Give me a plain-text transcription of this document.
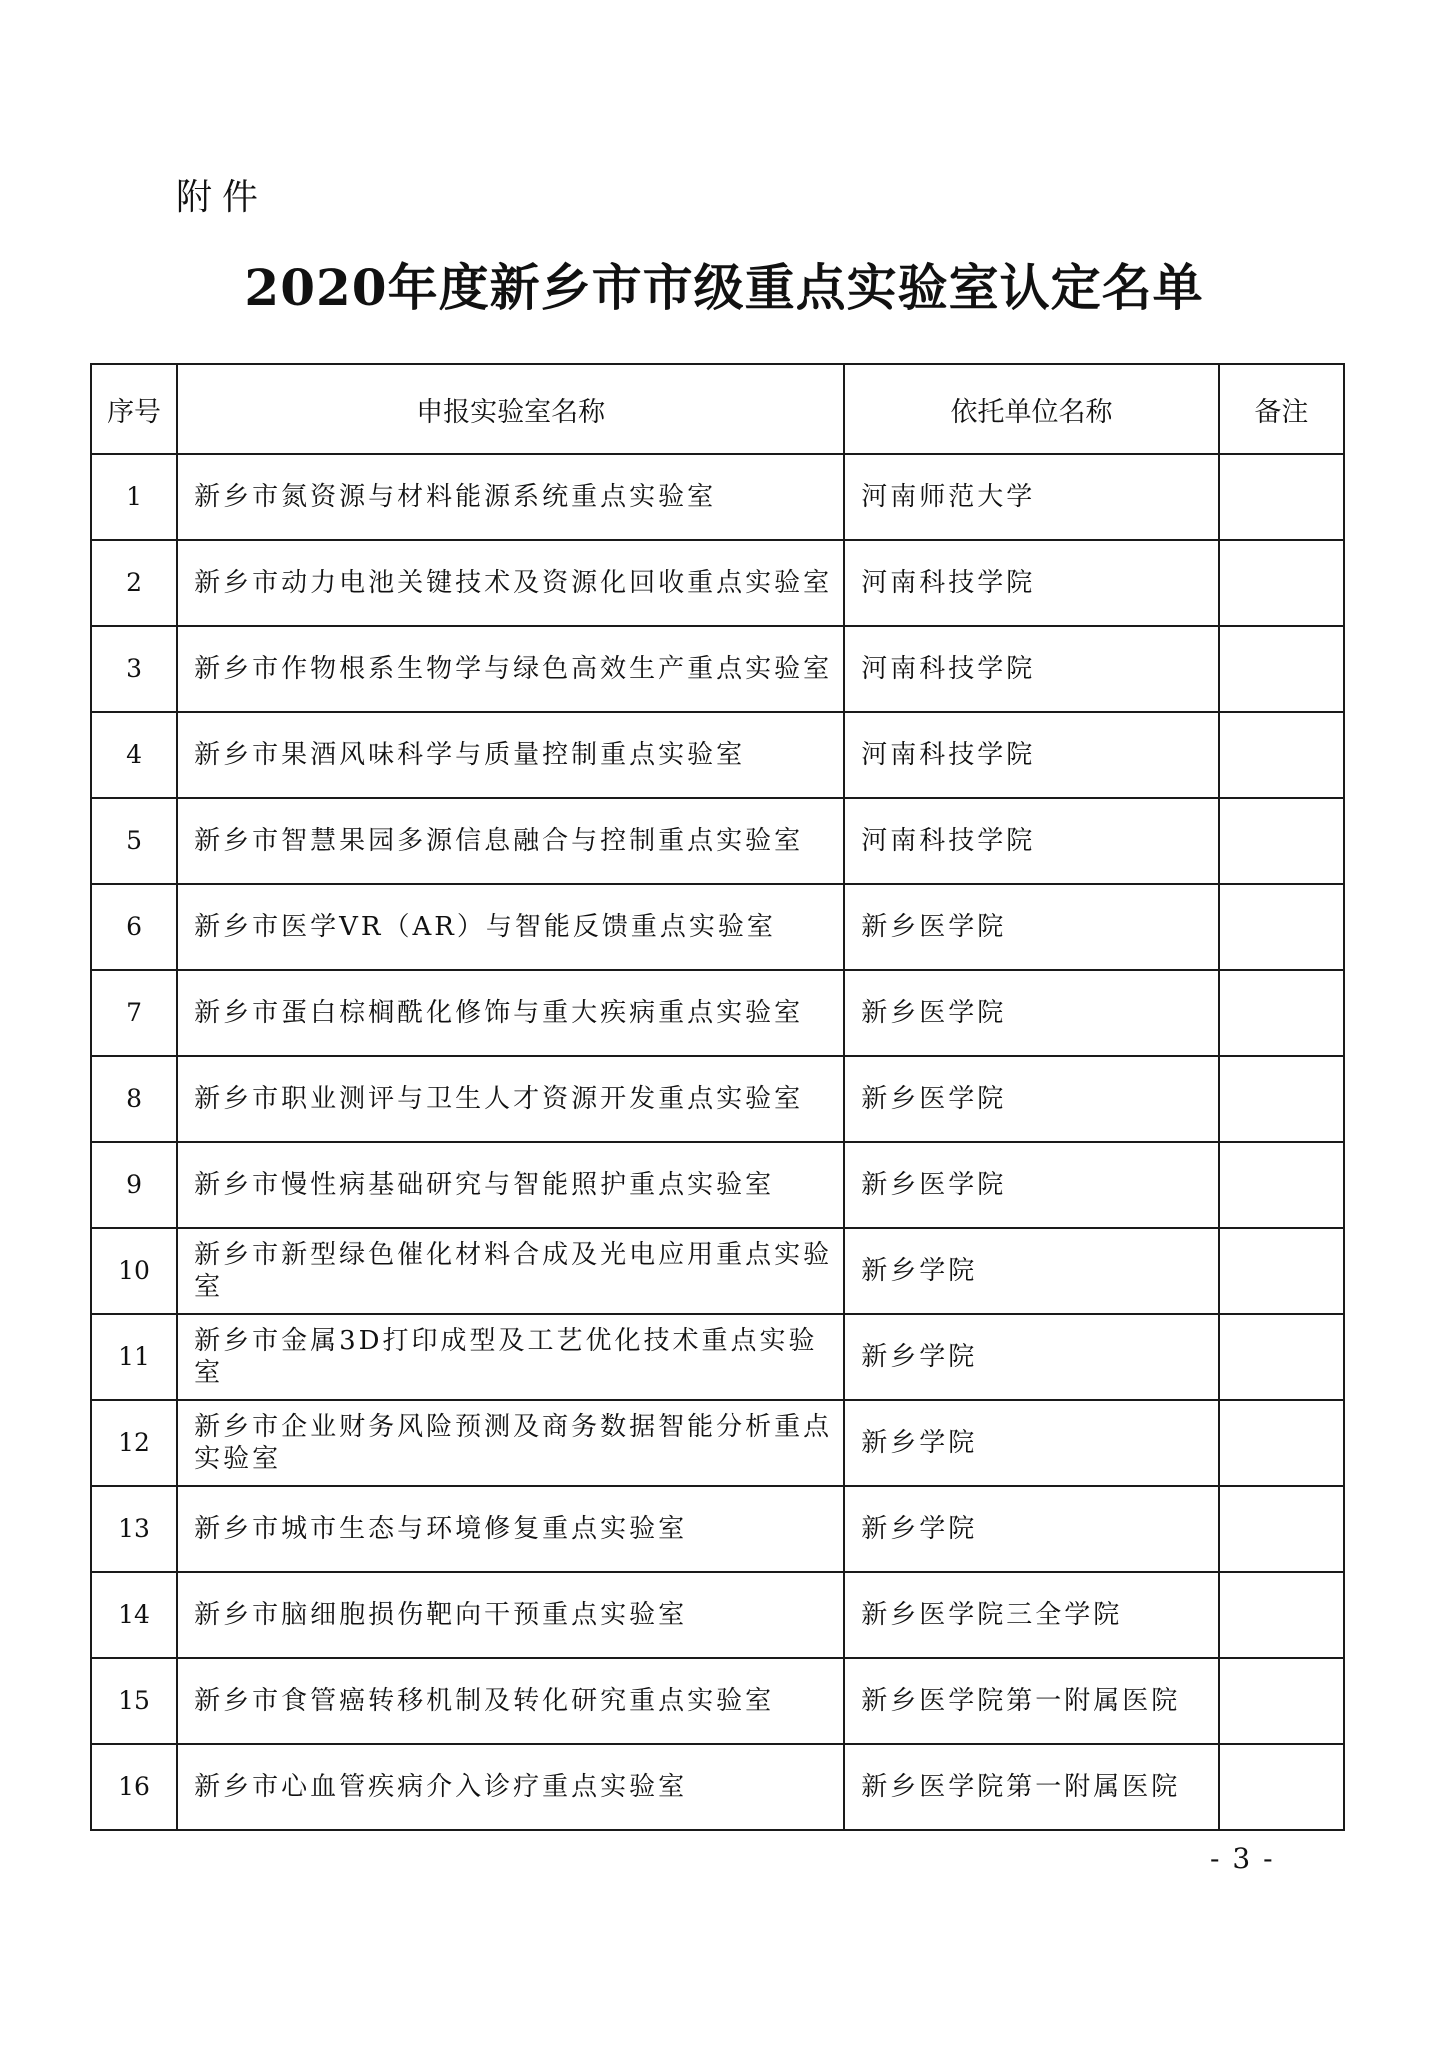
附件
2020年度新乡市市级重点实验室认定名单
序号	申报实验室名称	依托单位名称	备注
1	新乡市氮资源与材料能源系统重点实验室	河南师范大学	
2	新乡市动力电池关键技术及资源化回收重点实验室	河南科技学院	
3	新乡市作物根系生物学与绿色高效生产重点实验室	河南科技学院	
4	新乡市果酒风味科学与质量控制重点实验室	河南科技学院	
5	新乡市智慧果园多源信息融合与控制重点实验室	河南科技学院	
6	新乡市医学VR（AR）与智能反馈重点实验室	新乡医学院	
7	新乡市蛋白棕榈酰化修饰与重大疾病重点实验室	新乡医学院	
8	新乡市职业测评与卫生人才资源开发重点实验室	新乡医学院	
9	新乡市慢性病基础研究与智能照护重点实验室	新乡医学院	
10	新乡市新型绿色催化材料合成及光电应用重点实验室	新乡学院	
11	新乡市金属3D打印成型及工艺优化技术重点实验室	新乡学院	
12	新乡市企业财务风险预测及商务数据智能分析重点实验室	新乡学院	
13	新乡市城市生态与环境修复重点实验室	新乡学院	
14	新乡市脑细胞损伤靶向干预重点实验室	新乡医学院三全学院	
15	新乡市食管癌转移机制及转化研究重点实验室	新乡医学院第一附属医院	
16	新乡市心血管疾病介入诊疗重点实验室	新乡医学院第一附属医院	
- 3 -
